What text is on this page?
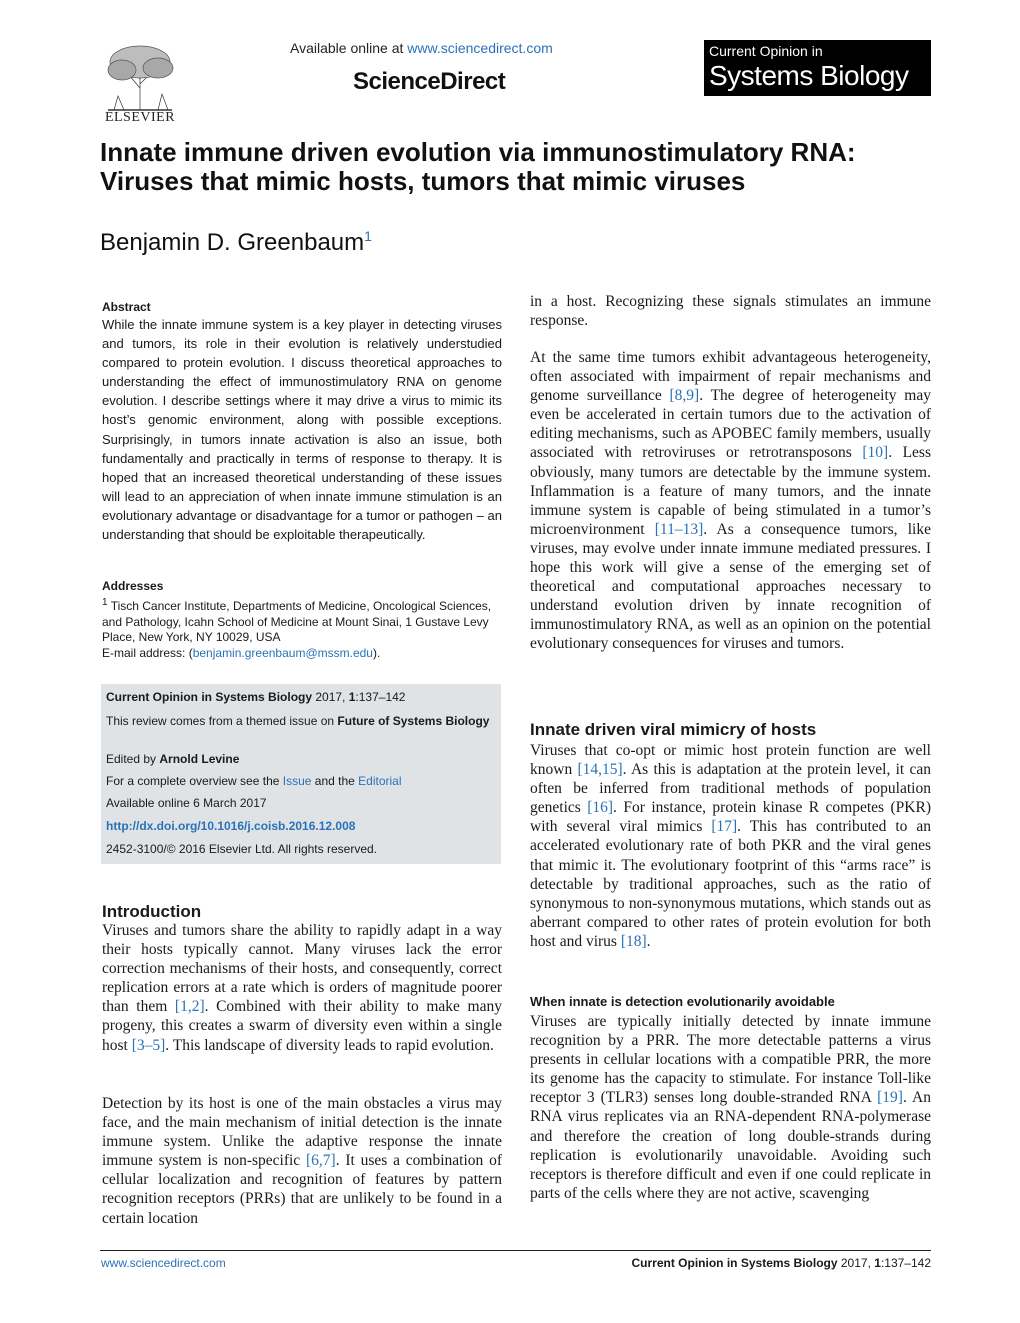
ELSEVIER
Available online at www.sciencedirect.com
ScienceDirect
Current Opinion in
Systems Biology
Innate immune driven evolution via immunostimulatory RNA: Viruses that mimic hosts, tumors that mimic viruses
Benjamin D. Greenbaum$^1$
Abstract
While the innate immune system is a key player in detecting viruses and tumors, its role in their evolution is relatively understudied compared to protein evolution. I discuss theoretical approaches to understanding the effect of immunostimulatory RNA on genome evolution. I describe settings where it may drive a virus to mimic its host’s genomic environment, along with possible exceptions. Surprisingly, in tumors innate activation is also an issue, both fundamentally and practically in terms of response to therapy. It is hoped that an increased theoretical understanding of these issues will lead to an appreciation of when innate immune stimulation is an evolutionary advantage or disadvantage for a tumor or pathogen – an understanding that should be exploitable therapeutically.
Addresses
$^1$ Tisch Cancer Institute, Departments of Medicine, Oncological Sciences, and Pathology, Icahn School of Medicine at Mount Sinai, 1 Gustave Levy Place, New York, NY 10029, USA
E-mail address: (benjamin.greenbaum@mssm.edu).
Current Opinion in Systems Biology 2017, 1:137–142
This review comes from a themed issue on Future of Systems Biology
Edited by Arnold Levine
For a complete overview see the Issue and the Editorial
Available online 6 March 2017
http://dx.doi.org/10.1016/j.coisb.2016.12.008
2452-3100/© 2016 Elsevier Ltd. All rights reserved.
Introduction
Viruses and tumors share the ability to rapidly adapt in a way their hosts typically cannot. Many viruses lack the error correction mechanisms of their hosts, and consequently, correct replication errors at a rate which is orders of magnitude poorer than them [1,2]. Combined with their ability to make many progeny, this creates a swarm of diversity even within a single host [3–5]. This landscape of diversity leads to rapid evolution.
Detection by its host is one of the main obstacles a virus may face, and the main mechanism of initial detection is the innate immune system. Unlike the adaptive response the innate immune system is non-specific [6,7]. It uses a combination of cellular localization and recognition of features by pattern recognition receptors (PRRs) that are unlikely to be found in a certain location
in a host. Recognizing these signals stimulates an immune response.
At the same time tumors exhibit advantageous heterogeneity, often associated with impairment of repair mechanisms and genome surveillance [8,9]. The degree of heterogeneity may even be accelerated in certain tumors due to the activation of editing mechanisms, such as APOBEC family members, usually associated with retroviruses or retrotransposons [10]. Less obviously, many tumors are detectable by the immune system. Inflammation is a feature of many tumors, and the innate immune system is capable of being stimulated in a tumor’s microenvironment [11–13]. As a consequence tumors, like viruses, may evolve under innate immune mediated pressures. I hope this work will give a sense of the emerging set of theoretical and computational approaches necessary to understand evolution driven by innate recognition of immunostimulatory RNA, as well as an opinion on the potential evolutionary consequences for viruses and tumors.
Innate driven viral mimicry of hosts
Viruses that co-opt or mimic host protein function are well known [14,15]. As this is adaptation at the protein level, it can often be inferred from traditional methods of population genetics [16]. For instance, protein kinase R competes (PKR) with several viral mimics [17]. This has contributed to an accelerated evolutionary rate of both PKR and the viral genes that mimic it. The evolutionary footprint of this “arms race” is detectable by traditional approaches, such as the ratio of synonymous to non-synonymous mutations, which stands out as aberrant compared to other rates of protein evolution for both host and virus [18].
When innate is detection evolutionarily avoidable
Viruses are typically initially detected by innate immune recognition by a PRR. The more detectable patterns a virus presents in cellular locations with a compatible PRR, the more its genome has the capacity to stimulate. For instance Toll-like receptor 3 (TLR3) senses long double-stranded RNA [19]. An RNA virus replicates via an RNA-dependent RNA-polymerase and therefore the creation of long double-strands during replication is evolutionarily unavoidable. Avoiding such receptors is therefore difficult and even if one could replicate in parts of the cells where they are not active, scavenging
www.sciencedirect.com	Current Opinion in Systems Biology 2017, 1:137–142
